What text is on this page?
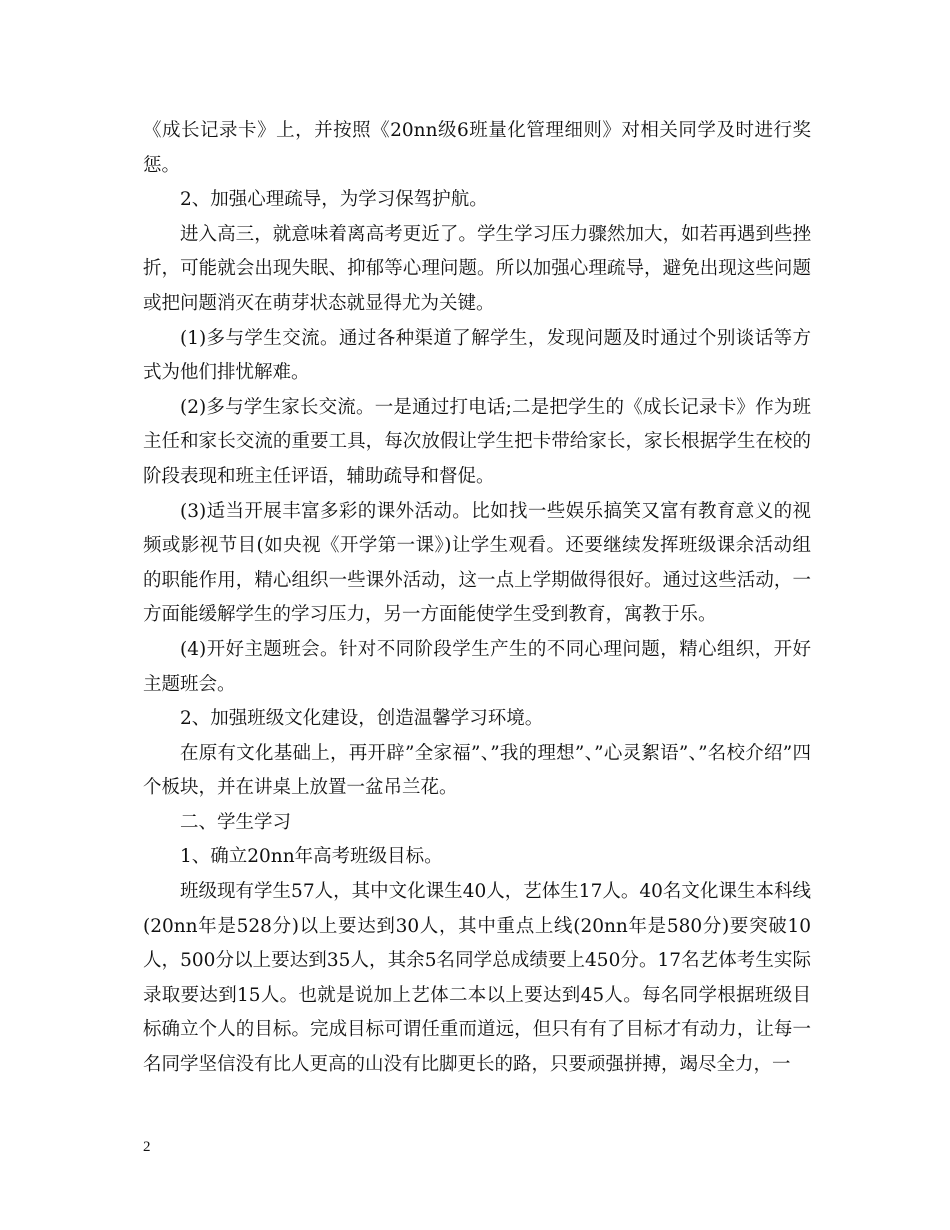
《成长记录卡》上，并按照《20nn级6班量化管理细则》对相关同学及时进行奖惩。

2、加强心理疏导，为学习保驾护航。

进入高三，就意味着离高考更近了。学生学习压力骤然加大，如若再遇到些挫折，可能就会出现失眠、抑郁等心理问题。所以加强心理疏导，避免出现这些问题或把问题消灭在萌芽状态就显得尤为关键。

(1)多与学生交流。通过各种渠道了解学生，发现问题及时通过个别谈话等方式为他们排忧解难。

(2)多与学生家长交流。一是通过打电话;二是把学生的《成长记录卡》作为班主任和家长交流的重要工具，每次放假让学生把卡带给家长，家长根据学生在校的阶段表现和班主任评语，辅助疏导和督促。

(3)适当开展丰富多彩的课外活动。比如找一些娱乐搞笑又富有教育意义的视频或影视节目(如央视《开学第一课》)让学生观看。还要继续发挥班级课余活动组的职能作用，精心组织一些课外活动，这一点上学期做得很好。通过这些活动，一方面能缓解学生的学习压力，另一方面能使学生受到教育，寓教于乐。

(4)开好主题班会。针对不同阶段学生产生的不同心理问题，精心组织，开好主题班会。

2、加强班级文化建设，创造温馨学习环境。

在原有文化基础上，再开辟”全家福”、”我的理想”、”心灵絮语”、”名校介绍”四个板块，并在讲桌上放置一盆吊兰花。

二、学生学习

1、确立20nn年高考班级目标。

班级现有学生57人，其中文化课生40人，艺体生17人。40名文化课生本科线(20nn年是528分)以上要达到30人，其中重点上线(20nn年是580分)要突破10人，500分以上要达到35人，其余5名同学总成绩要上450分。17名艺体考生实际录取要达到15人。也就是说加上艺体二本以上要达到45人。每名同学根据班级目标确立个人的目标。完成目标可谓任重而道远，但只有有了目标才有动力，让每一名同学坚信没有比人更高的山没有比脚更长的路，只要顽强拼搏，竭尽全力，一

2
